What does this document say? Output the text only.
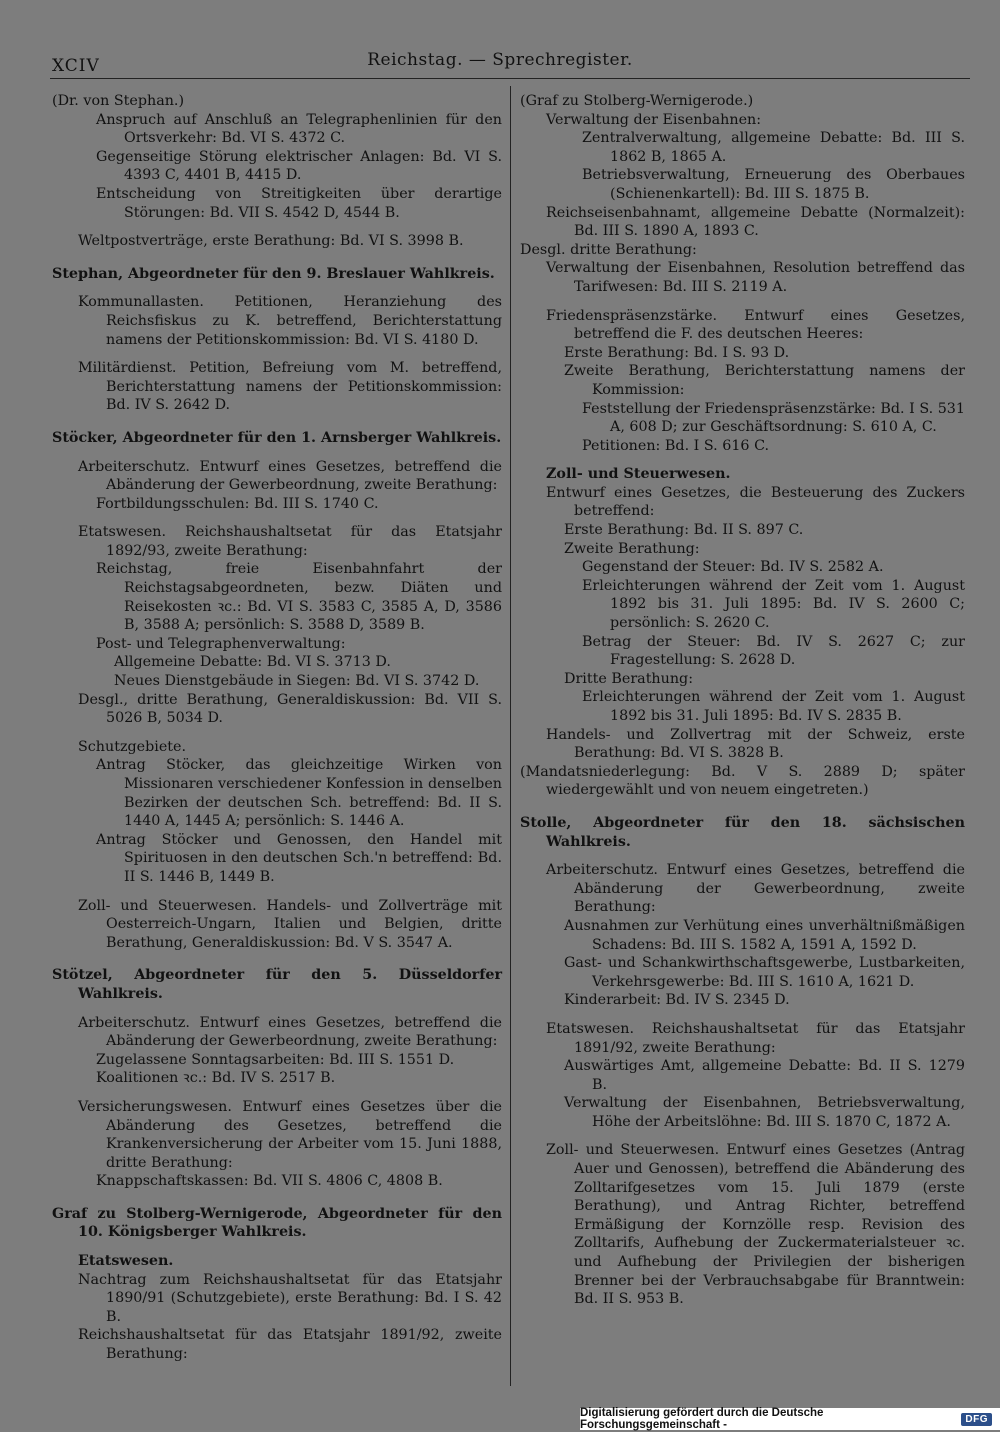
XCIV	Reichstag. — Sprechregister.

(Dr. von Stephan.)

Anspruch auf Anschluß an Telegraphenlinien für den Ortsverkehr: Bd. VI S. 4372 C.

Gegenseitige Störung elektrischer Anlagen: Bd. VI S. 4393 C, 4401 B, 4415 D.

Entscheidung von Streitigkeiten über derartige Störungen: Bd. VII S. 4542 D, 4544 B.

Weltpostverträge, erste Berathung: Bd. VI S. 3998 B.

Stephan, Abgeordneter für den 9. Breslauer Wahlkreis.

Kommunallasten. Petitionen, Heranziehung des Reichsfiskus zu K. betreffend, Berichterstattung namens der Petitionskommission: Bd. VI S. 4180 D.

Militärdienst. Petition, Befreiung vom M. betreffend, Berichterstattung namens der Petitionskommission: Bd. IV S. 2642 D.

Stöcker, Abgeordneter für den 1. Arnsberger Wahlkreis.

Arbeiterschutz. Entwurf eines Gesetzes, betreffend die Abänderung der Gewerbeordnung, zweite Berathung:

Fortbildungsschulen: Bd. III S. 1740 C.

Etatswesen. Reichshaushaltsetat für das Etatsjahr 1892/93, zweite Berathung:

Reichstag, freie Eisenbahnfahrt der Reichstagsabgeordneten, bezw. Diäten und Reisekosten ꝛc.: Bd. VI S. 3583 C, 3585 A, D, 3586 B, 3588 A; persönlich: S. 3588 D, 3589 B.

Post- und Telegraphenverwaltung:

Allgemeine Debatte: Bd. VI S. 3713 D.

Neues Dienstgebäude in Siegen: Bd. VI S. 3742 D.

Desgl., dritte Berathung, Generaldiskussion: Bd. VII S. 5026 B, 5034 D.

Schutzgebiete.

Antrag Stöcker, das gleichzeitige Wirken von Missionaren verschiedener Konfession in denselben Bezirken der deutschen Sch. betreffend: Bd. II S. 1440 A, 1445 A; persönlich: S. 1446 A.

Antrag Stöcker und Genossen, den Handel mit Spirituosen in den deutschen Sch.'n betreffend: Bd. II S. 1446 B, 1449 B.

Zoll- und Steuerwesen. Handels- und Zollverträge mit Oesterreich-Ungarn, Italien und Belgien, dritte Berathung, Generaldiskussion: Bd. V S. 3547 A.

Stötzel, Abgeordneter für den 5. Düsseldorfer Wahlkreis.

Arbeiterschutz. Entwurf eines Gesetzes, betreffend die Abänderung der Gewerbeordnung, zweite Berathung:

Zugelassene Sonntagsarbeiten: Bd. III S. 1551 D.

Koalitionen ꝛc.: Bd. IV S. 2517 B.

Versicherungswesen. Entwurf eines Gesetzes über die Abänderung des Gesetzes, betreffend die Krankenversicherung der Arbeiter vom 15. Juni 1888, dritte Berathung:

Knappschaftskassen: Bd. VII S. 4806 C, 4808 B.

Graf zu Stolberg-Wernigerode, Abgeordneter für den 10. Königsberger Wahlkreis.

Etatswesen.

Nachtrag zum Reichshaushaltsetat für das Etatsjahr 1890/91 (Schutzgebiete), erste Berathung: Bd. I S. 42 B.

Reichshaushaltsetat für das Etatsjahr 1891/92, zweite Berathung:

(Graf zu Stolberg-Wernigerode.)

Verwaltung der Eisenbahnen:

Zentralverwaltung, allgemeine Debatte: Bd. III S. 1862 B, 1865 A.

Betriebsverwaltung, Erneuerung des Oberbaues (Schienenkartell): Bd. III S. 1875 B.

Reichseisenbahnamt, allgemeine Debatte (Normalzeit): Bd. III S. 1890 A, 1893 C.

Desgl. dritte Berathung:

Verwaltung der Eisenbahnen, Resolution betreffend das Tarifwesen: Bd. III S. 2119 A.

Friedenspräsenzstärke. Entwurf eines Gesetzes, betreffend die F. des deutschen Heeres:

Erste Berathung: Bd. I S. 93 D.

Zweite Berathung, Berichterstattung namens der Kommission:

Feststellung der Friedenspräsenzstärke: Bd. I S. 531 A, 608 D; zur Geschäftsordnung: S. 610 A, C.

Petitionen: Bd. I S. 616 C.

Zoll- und Steuerwesen.

Entwurf eines Gesetzes, die Besteuerung des Zuckers betreffend:

Erste Berathung: Bd. II S. 897 C.

Zweite Berathung:

Gegenstand der Steuer: Bd. IV S. 2582 A.

Erleichterungen während der Zeit vom 1. August 1892 bis 31. Juli 1895: Bd. IV S. 2600 C; persönlich: S. 2620 C.

Betrag der Steuer: Bd. IV S. 2627 C; zur Fragestellung: S. 2628 D.

Dritte Berathung:

Erleichterungen während der Zeit vom 1. August 1892 bis 31. Juli 1895: Bd. IV S. 2835 B.

Handels- und Zollvertrag mit der Schweiz, erste Berathung: Bd. VI S. 3828 B.

(Mandatsniederlegung: Bd. V S. 2889 D; später wiedergewählt und von neuem eingetreten.)

Stolle, Abgeordneter für den 18. sächsischen Wahlkreis.

Arbeiterschutz. Entwurf eines Gesetzes, betreffend die Abänderung der Gewerbeordnung, zweite Berathung:

Ausnahmen zur Verhütung eines unverhältnißmäßigen Schadens: Bd. III S. 1582 A, 1591 A, 1592 D.

Gast- und Schankwirthschaftsgewerbe, Lustbarkeiten, Verkehrsgewerbe: Bd. III S. 1610 A, 1621 D.

Kinderarbeit: Bd. IV S. 2345 D.

Etatswesen. Reichshaushaltsetat für das Etatsjahr 1891/92, zweite Berathung:

Auswärtiges Amt, allgemeine Debatte: Bd. II S. 1279 B.

Verwaltung der Eisenbahnen, Betriebsverwaltung, Höhe der Arbeitslöhne: Bd. III S. 1870 C, 1872 A.

Zoll- und Steuerwesen. Entwurf eines Gesetzes (Antrag Auer und Genossen), betreffend die Abänderung des Zolltarifgesetzes vom 15. Juli 1879 (erste Berathung), und Antrag Richter, betreffend Ermäßigung der Kornzölle resp. Revision des Zolltarifs, Aufhebung der Zuckermaterialsteuer ꝛc. und Aufhebung der Privilegien der bisherigen Brenner bei der Verbrauchsabgabe für Branntwein: Bd. II S. 953 B.

Digitalisierung gefördert durch die Deutsche Forschungsgemeinschaft -	DFG
